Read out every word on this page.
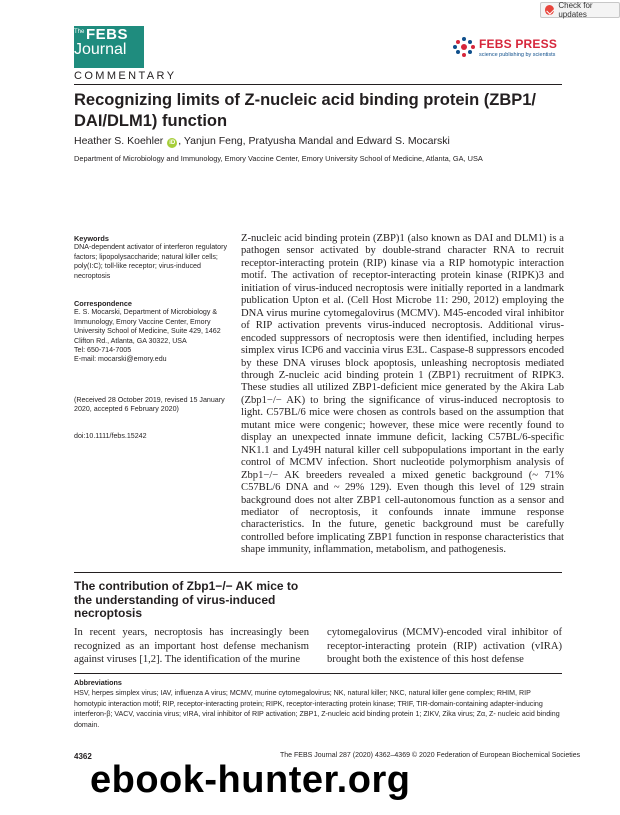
Check for updates
The FEBS
Journal	FEBS PRESS
science publishing by scientists
COMMENTARY
Recognizing limits of Z-nucleic acid binding protein (ZBP1/ DAI/DLM1) function
Heather S. Koehler iD , Yanjun Feng, Pratyusha Mandal and Edward S. Mocarski
Department of Microbiology and Immunology, Emory Vaccine Center, Emory University School of Medicine, Atlanta, GA, USA
Keywords

DNA-dependent activator of interferon regulatory factors; lipopolysaccharide; natural killer cells; poly(I:C); toll-like receptor; virus-induced necroptosis

Correspondence

E. S. Mocarski, Department of Microbiology & Immunology, Emory Vaccine Center, Emory University School of Medicine, Suite 429, 1462 Clifton Rd., Atlanta, GA 30322, USA

Tel: 650-714-7005

E-mail: mocarski@emory.edu

(Received 28 October 2019, revised 15 January 2020, accepted 6 February 2020)

doi:10.1111/febs.15242

Z-nucleic acid binding protein (ZBP)1 (also known as DAI and DLM1) is a pathogen sensor activated by double-strand character RNA to recruit receptor-interacting protein (RIP) kinase via a RIP homotypic interaction motif. The activation of receptor-interacting protein kinase (RIPK)3 and initiation of virus-induced necroptosis were initially reported in a landmark publication Upton et al. (Cell Host Microbe 11: 290, 2012) employing the DNA virus murine cytomegalovirus (MCMV). M45-encoded viral inhibitor of RIP activation prevents virus-induced necroptosis. Additional virus-encoded suppressors of necroptosis were then identified, including herpes simplex virus ICP6 and vaccinia virus E3L. Caspase-8 suppressors encoded by these DNA viruses block apoptosis, unleashing necroptosis mediated through Z-nucleic acid binding protein 1 (ZBP1) recruitment of RIPK3. These studies all utilized ZBP1-deficient mice generated by the Akira Lab (Zbp1−/− AK) to bring the significance of virus-induced necroptosis to light. C57BL/6 mice were chosen as controls based on the assumption that mutant mice were congenic; however, these mice were recently found to display an unexpected innate immune deficit, lacking C57BL/6-specific NK1.1 and Ly49H natural killer cell subpopulations important in the early control of MCMV infection. Short nucleotide polymorphism analysis of Zbp1−/− AK breeders revealed a mixed genetic background (~ 71% C57BL/6 DNA and ~ 29% 129). Even though this level of 129 strain background does not alter ZBP1 cell-autonomous function as a sensor and mediator of necroptosis, it confounds innate immune response characteristics. In the future, genetic background must be carefully controlled before implicating ZBP1 function in response characteristics that shape immunity, inflammation, metabolism, and pathogenesis.

The contribution of Zbp1−/− AK mice to the understanding of virus-induced necroptosis

In recent years, necroptosis has increasingly been recognized as an important host defense mechanism against viruses [1,2]. The identification of the murine

cytomegalovirus (MCMV)-encoded viral inhibitor of receptor-interacting protein (RIP) activation (vIRA) brought both the existence of this host defense

Abbreviations
HSV, herpes simplex virus; IAV, influenza A virus; MCMV, murine cytomegalovirus; NK, natural killer; NKC, natural killer gene complex; RHIM, RIP homotypic interaction motif; RIP, receptor-interacting protein; RIPK, receptor-interacting protein kinase; TRIF, TIR-domain-containing adapter-inducing interferon-β; VACV, vaccinia virus; vIRA, viral inhibitor of RIP activation; ZBP1, Z-nucleic acid binding protein 1; ZIKV, Zika virus; Zα, Z- nucleic acid binding domain.
4362	The FEBS Journal 287 (2020) 4362–4369 © 2020 Federation of European Biochemical Societies
ebook-hunter.org
